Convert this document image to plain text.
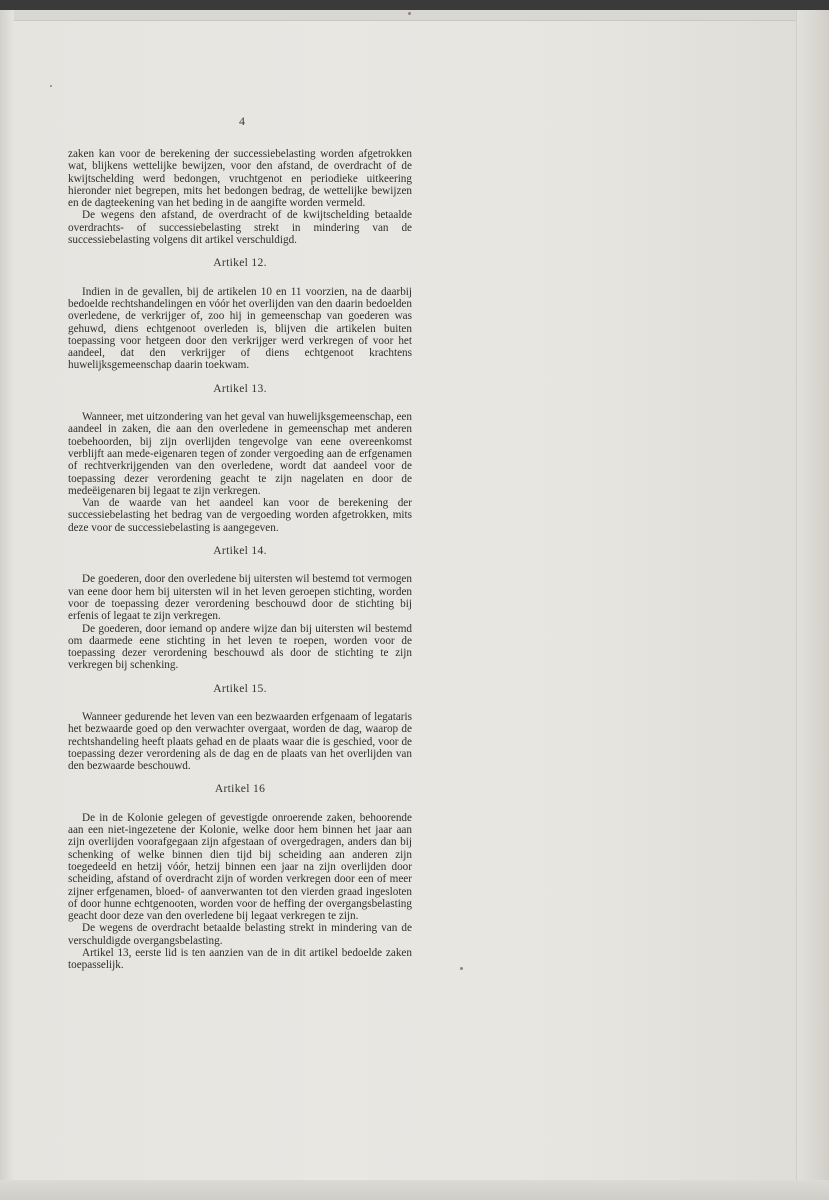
4

zaken kan voor de berekening der successiebelasting worden afgetrokken wat, blijkens wettelijke bewijzen, voor den afstand, de overdracht of de kwijtschelding werd bedongen, vruchtgenot en periodieke uitkeering hieronder niet begrepen, mits het bedongen bedrag, de wettelijke bewijzen en de dagteekening van het beding in de aangifte worden vermeld.

De wegens den afstand, de overdracht of de kwijtschelding betaalde overdrachts- of successiebelasting strekt in mindering van de successiebelasting volgens dit artikel verschuldigd.

Artikel 12.

Indien in de gevallen, bij de artikelen 10 en 11 voorzien, na de daarbij bedoelde rechtshandelingen en vóór het overlijden van den daarin bedoelden overledene, de verkrijger of, zoo hij in gemeenschap van goederen was gehuwd, diens echtgenoot overleden is, blijven die artikelen buiten toepassing voor hetgeen door den verkrijger werd verkregen of voor het aandeel, dat den verkrijger of diens echtgenoot krachtens huwelijksgemeenschap daarin toekwam.

Artikel 13.

Wanneer, met uitzondering van het geval van huwelijksgemeenschap, een aandeel in zaken, die aan den overledene in gemeenschap met anderen toebehoorden, bij zijn overlijden tengevolge van eene overeenkomst verblijft aan mede-eigenaren tegen of zonder vergoeding aan de erfgenamen of rechtverkrijgenden van den overledene, wordt dat aandeel voor de toepassing dezer verordening geacht te zijn nagelaten en door de medeëigenaren bij legaat te zijn verkregen.

Van de waarde van het aandeel kan voor de berekening der successiebelasting het bedrag van de vergoeding worden afgetrokken, mits deze voor de successiebelasting is aangegeven.

Artikel 14.

De goederen, door den overledene bij uitersten wil bestemd tot vermogen van eene door hem bij uitersten wil in het leven geroepen stichting, worden voor de toepassing dezer verordening beschouwd door de stichting bij erfenis of legaat te zijn verkregen.

De goederen, door iemand op andere wijze dan bij uitersten wil bestemd om daarmede eene stichting in het leven te roepen, worden voor de toepassing dezer verordening beschouwd als door de stichting te zijn verkregen bij schenking.

Artikel 15.

Wanneer gedurende het leven van een bezwaarden erfgenaam of legataris het bezwaarde goed op den verwachter overgaat, worden de dag, waarop de rechtshandeling heeft plaats gehad en de plaats waar die is geschied, voor de toepassing dezer verordening als de dag en de plaats van het overlijden van den bezwaarde beschouwd.

Artikel 16

De in de Kolonie gelegen of gevestigde onroerende zaken, behoorende aan een niet-ingezetene der Kolonie, welke door hem binnen het jaar aan zijn overlijden voorafgegaan zijn afgestaan of overgedragen, anders dan bij schenking of welke binnen dien tijd bij scheiding aan anderen zijn toegedeeld en hetzij vóór, hetzij binnen een jaar na zijn overlijden door scheiding, afstand of overdracht zijn of worden verkregen door een of meer zijner erfgenamen, bloed- of aanverwanten tot den vierden graad ingesloten of door hunne echtgenooten, worden voor de heffing der overgangsbelasting geacht door deze van den overledene bij legaat verkregen te zijn.

De wegens de overdracht betaalde belasting strekt in mindering van de verschuldigde overgangsbelasting.

Artikel 13, eerste lid is ten aanzien van de in dit artikel bedoelde zaken toepasselijk.
